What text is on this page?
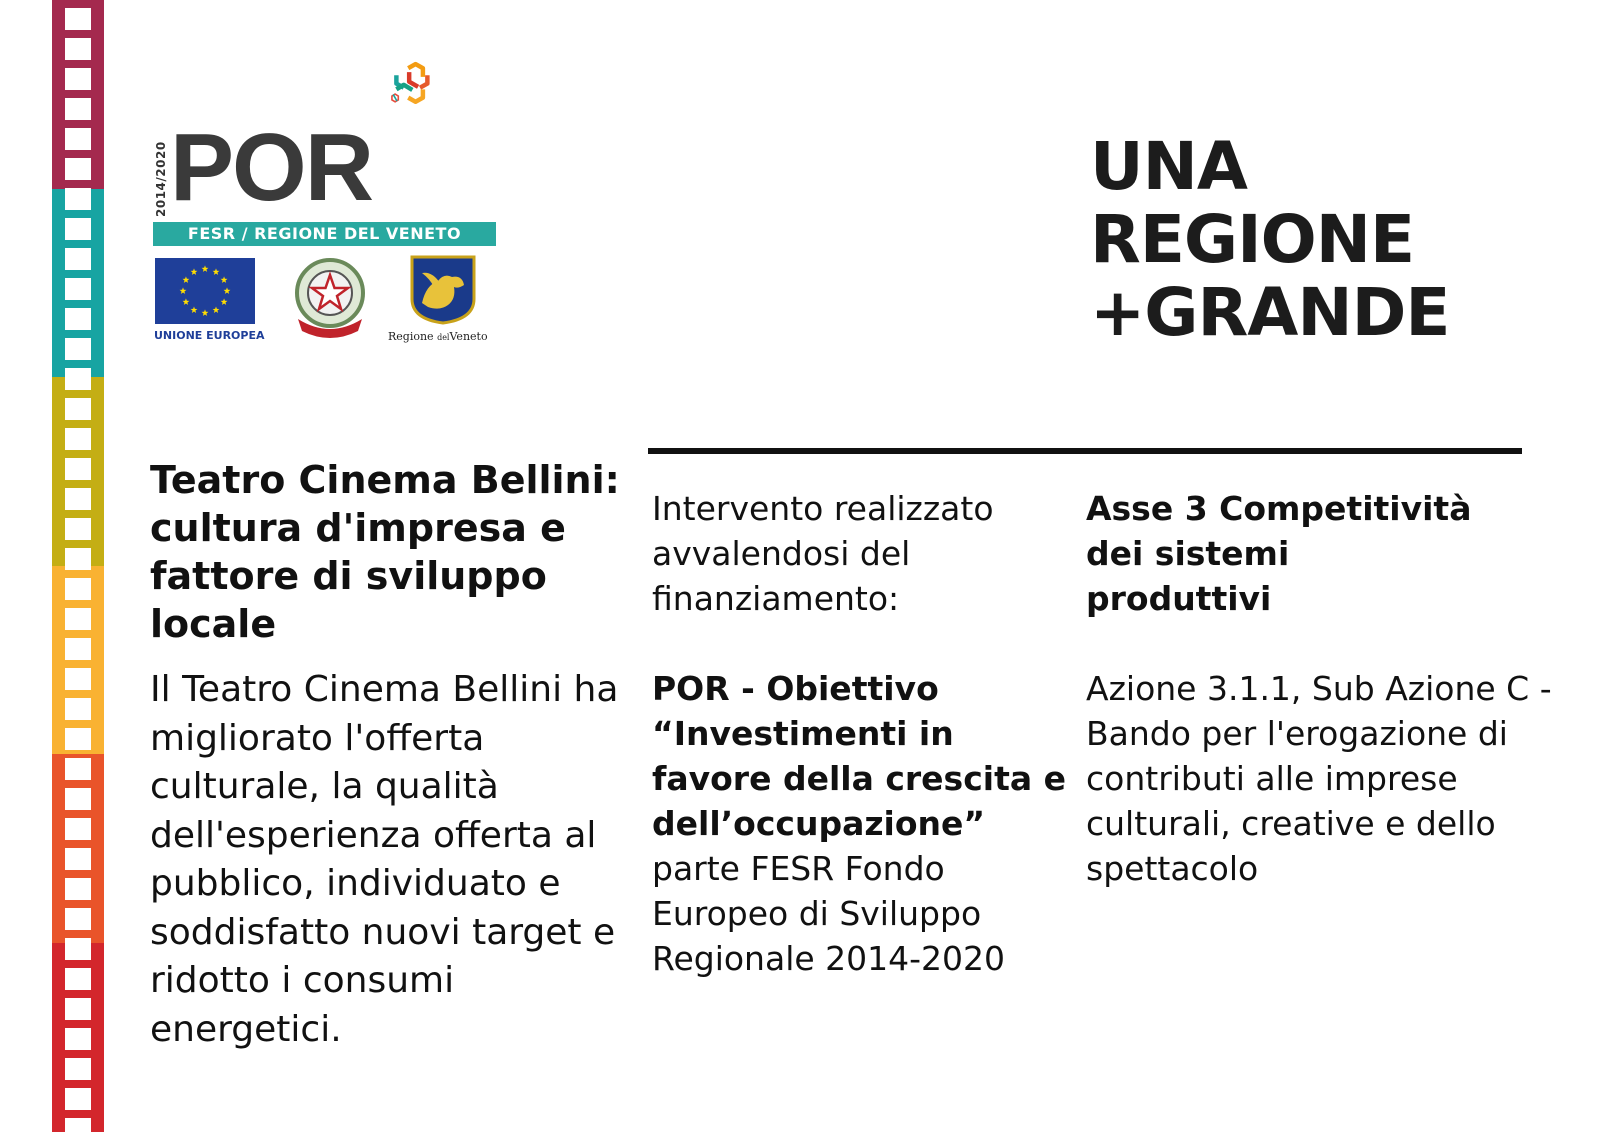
2014/2020 POR
FESR / REGIONE DEL VENETO
UNIONE EUROPEA	Regione delVeneto
UNA
REGIONE
+GRANDE
Teatro Cinema Bellini: cultura d'impresa e fattore di sviluppo locale
Il Teatro Cinema Bellini ha migliorato l'offerta culturale, la qualità dell'esperienza offerta al pubblico, individuato e soddisfatto nuovi target e ridotto i consumi energetici.
Intervento realizzato avvalendosi del finanziamento:
POR - Obiettivo “Investimenti in favore della crescita e dell’occupazione”
parte FESR Fondo Europeo di Sviluppo Regionale 2014-2020
Asse 3 Competitività dei sistemi produttivi
Azione 3.1.1, Sub Azione C - Bando per l'erogazione di contributi alle imprese culturali, creative e dello spettacolo
